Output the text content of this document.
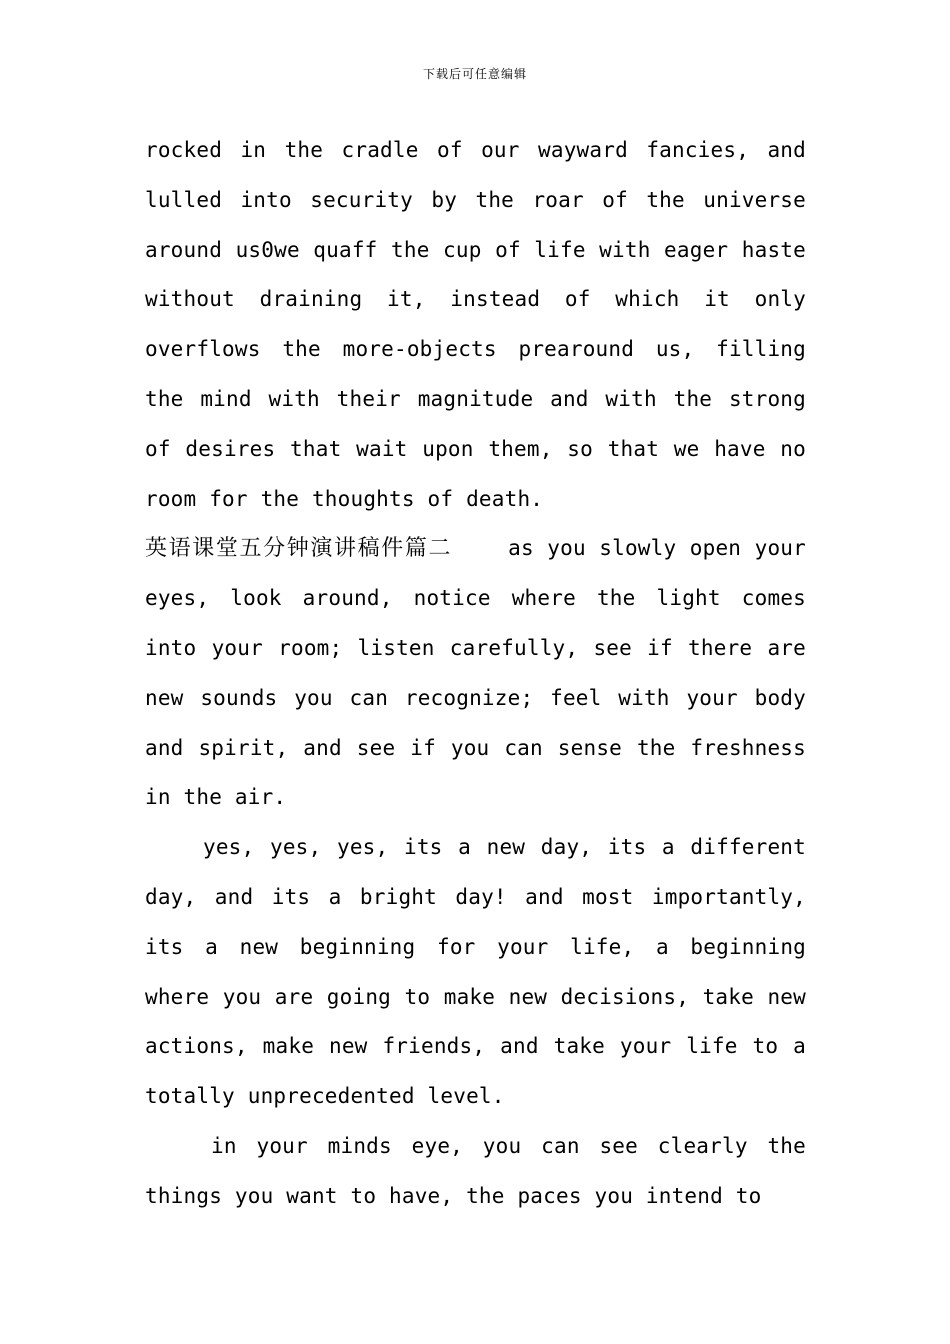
下载后可任意编辑

rocked in the cradle of our wayward fancies, and lulled into security by the roar of the universe around us0we quaff the cup of life with eager haste without draining it, instead of which it only overflows the more-objects prearound us, filling the mind with their magnitude and with the strong of desires that wait upon them, so that we have no room for the thoughts of death.

英语课堂五分钟演讲稿件篇二	as you slowly open your eyes, look around, notice where the light comes into your room; listen carefully, see if there are new sounds you can recognize; feel with your body and spirit, and see if you can sense the freshness in the air.

yes, yes, yes, its a new day, its a different day, and its a bright day! and most importantly, its a new beginning for your life, a beginning where you are going to make new decisions, take new actions, make new friends, and take your life to a totally unprecedented level.

in your minds eye, you can see clearly the things you want to have, the paces you intend to
